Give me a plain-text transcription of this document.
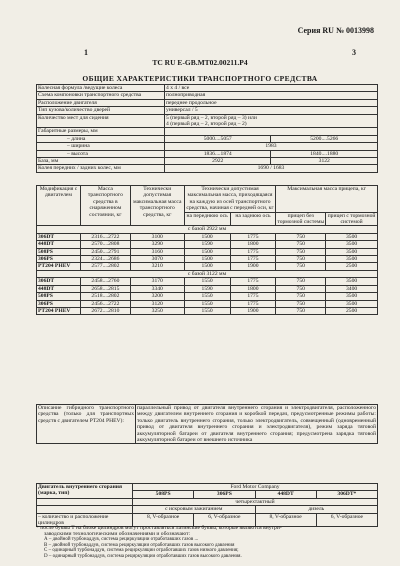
Серия RU № 0013998
1	3
TC RU E-GB.MT02.00211.P4
ОБЩИЕ ХАРАКТЕРИСТИКИ ТРАНСПОРТНОГО СРЕДСТВА
Колесная формула /ведущие колеса	4 x 4 / все	
Схема компоновки транспортного средства	полноприводная	
Расположение двигателя	переднее продольное	
Тип кузова/количество дверей	универсал / 5	
Количество мест для сидения	5 (первый ряд – 2, второй ряд – 3) или
4 (первый ряд – 2, второй ряд – 2)	

Габаритные размеры, мм		
– длина	5000....5057	5200....5266
– ширина	1983	
– высота	1836....1874	1840....1880
База, мм	2922	3122
Колея передних / задних колес, мм	1690 / 1683	
Модификация с двигателем	Масса транспортного средства в снаряженном состоянии, кг	Технически допустимая максимальная масса транспортного средства, кг	Технически допустимая максимальная масса, приходящаяся на каждую из осей транспортного средства, начиная с передней оси, кг		Максимальная масса прицепа, кг	
			на переднюю ось	на заднюю ось	прицеп без тормозной системы	прицеп с тормозной системой
с базой 2922 мм						
306DT	2316....2722	3100	1500	1775	750	3500
448DT	2570....2808	3290	1590	1800	750	3500
508PS	2450....2791	3160	1500	1775	750	3500
306PS	2324....2686	3070	1500	1775	750	3500
PT204 PHEV	2577....2802	3210	1500	1900	750	2500
с базой 3122 мм						
306DT	2458....2760	3170	1550	1775	750	3500
448DT	2658....2815	3340	1590	1800	750	3400
508PS	2518....2802	3200	1550	1775	750	3500
306PS	2456....2722	3120	1550	1775	750	3500
PT204 PHEV	2672....2810	3250	1550	1900	750	2500
Описание гибридного транспортного средства (только для транспортных средств с двигателем PT204 PHEV):	параллельный привод от двигателя внутреннего сгорания и электродвигателя, расположенного между двигателем внутреннего сгорания и коробкой передач, предусмотренные режимы работы: только двигатель внутреннего сгорания, только электродвигатель, совмещенный (одновременный привод от двигателя внутреннего сгорания и электродвигателя), режим заряда тяговой аккумуляторной батареи от двигателя внутреннего сгорания; предусмотрена зарядка тяговой аккумуляторной батареи от внешнего источника
Двигатель внутреннего сгорания (марка, тип)	Ford Motor Company			
	508PS	306PS	448DT	306DT*
	четырехтактный			
	с искровым зажиганием		дизель	
– количество и расположение цилиндров	8, V-образное	6, V-образное	8, V-образное	6, V-образное
* после буквы Т на блоке цилиндров могут проставляться латинские буквы, которые являются внутри-
заводскими технологическими обозначениями и обозначают:
А – двойной турбонаддув, система рециркуляции отработавших газов ...
В – двойной турбонаддув, система рециркуляции отработавших газов высокого давления
С – одинарный турбонаддув, система рециркуляции отработавших газов низкого давления;
D – одинарный турбонаддув, система рециркуляции отработавших газов высокого давления.
